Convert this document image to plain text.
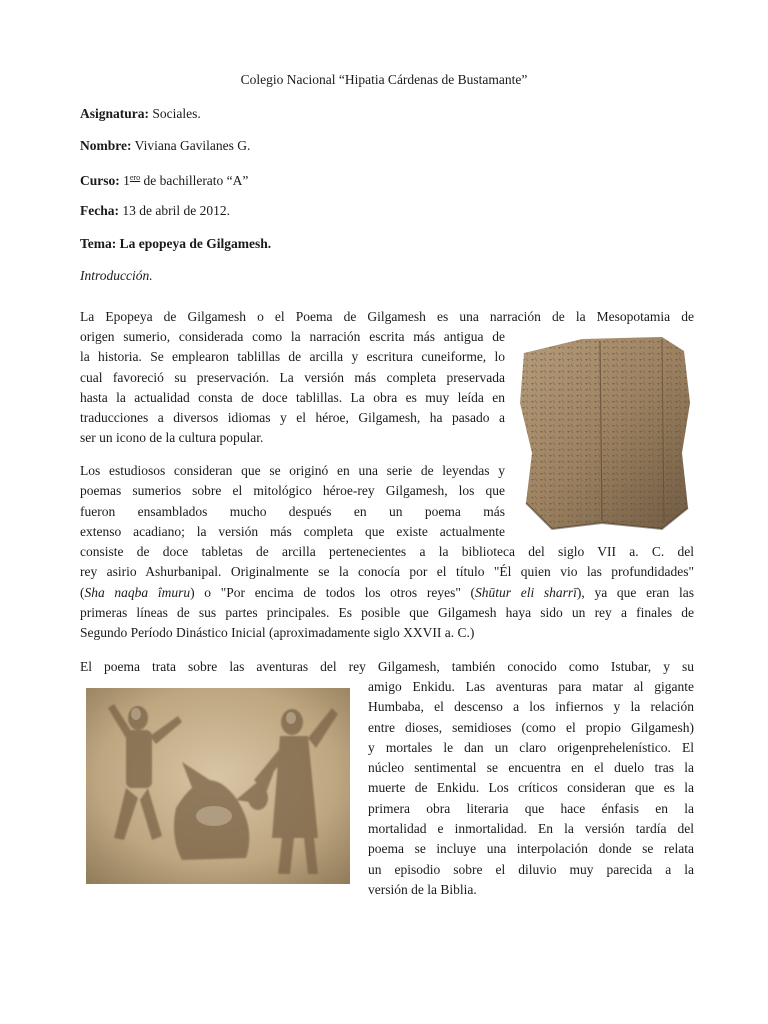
Colegio Nacional “Hipatia Cárdenas de Bustamante”
Asignatura: Sociales.
Nombre: Viviana Gavilanes G.
Curso: $1^{ero}$ de bachillerato “A”
Fecha: 13 de abril de 2012.
Tema: La epopeya de Gilgamesh.
Introducción.

La Epopeya de Gilgamesh o el Poema de Gilgamesh es una narración de la Mesopotamia de

origen sumerio, considerada como la narración escrita más antigua de

la historia. Se emplearon tablillas de arcilla y escritura cuneiforme, lo

cual favoreció su preservación. La versión más completa preservada

hasta la actualidad consta de doce tablillas. La obra es muy leída en

traducciones a diversos idiomas y el héroe, Gilgamesh, ha pasado a

ser un icono de la cultura popular.

Los estudiosos consideran que se originó en una serie de leyendas y

poemas sumerios sobre el mitológico héroe-rey Gilgamesh, los que

fueron ensamblados mucho después en un poema más

extenso acadiano; la versión más completa que existe actualmente

consiste de doce tabletas de arcilla pertenecientes a la biblioteca del siglo VII a. C. del

rey asirio Ashurbanipal. Originalmente se la conocía por el título "Él quien vio las profundidades"

(Sha naqba îmuru) o "Por encima de todos los otros reyes" (Shūtur eli sharrī), ya que eran las

primeras líneas de sus partes principales. Es posible que Gilgamesh haya sido un rey a finales de

Segundo Período Dinástico Inicial (aproximadamente siglo XXVII a. C.)

El poema trata sobre las aventuras del rey Gilgamesh, también conocido como Istubar, y su

amigo Enkidu. Las aventuras para matar al gigante

Humbaba, el descenso a los infiernos y la relación

entre dioses, semidioses (como el propio Gilgamesh)

y mortales le dan un claro origenprehelenístico. El

núcleo sentimental se encuentra en el duelo tras la

muerte de Enkidu. Los críticos consideran que es la

primera obra literaria que hace énfasis en la

mortalidad e inmortalidad. En la versión tardía del

poema se incluye una interpolación donde se relata

un episodio sobre el diluvio muy parecida a la

versión de la Biblia.
